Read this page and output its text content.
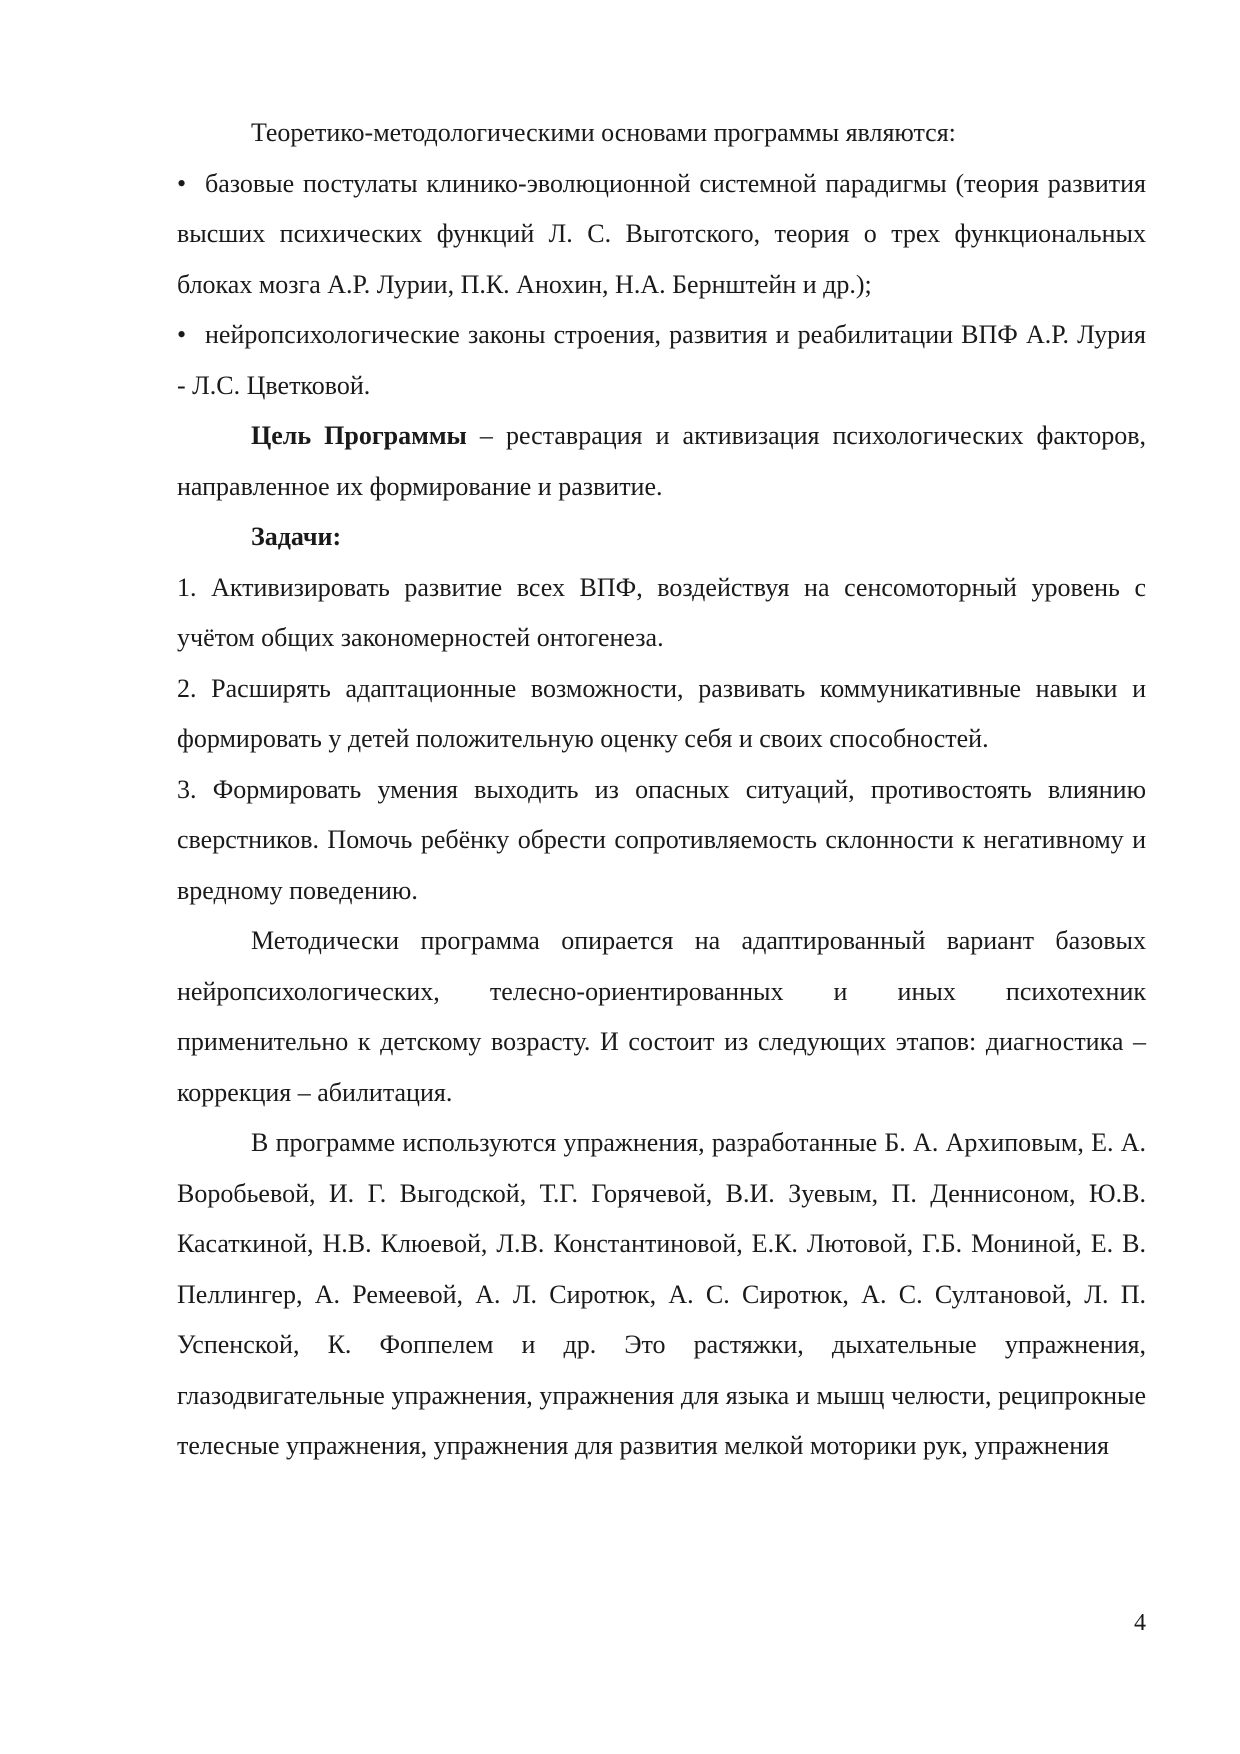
Теоретико-методологическими основами программы являются:

• базовые постулаты клинико-эволюционной системной парадигмы (теория развития высших психических функций Л. С. Выготского, теория о трех функциональных блоках мозга А.Р. Лурии, П.К. Анохин, Н.А. Бернштейн и др.);

• нейропсихологические законы строения, развития и реабилитации ВПФ А.Р. Лурия - Л.С. Цветковой.

Цель Программы – реставрация и активизация психологических факторов, направленное их формирование и развитие.

Задачи:

1. Активизировать развитие всех ВПФ, воздействуя на сенсомоторный уровень с учётом общих закономерностей онтогенеза.

2. Расширять адаптационные возможности, развивать коммуникативные навыки и формировать у детей положительную оценку себя и своих способностей.

3. Формировать умения выходить из опасных ситуаций, противостоять влиянию сверстников. Помочь ребёнку обрести сопротивляемость склонности к негативному и вредному поведению.

Методически программа опирается на адаптированный вариант базовых нейропсихологических, телесно-ориентированных и иных психотехник применительно к детскому возрасту. И состоит из следующих этапов: диагностика – коррекция – абилитация.

В программе используются упражнения, разработанные Б. А. Архиповым, Е. А. Воробьевой, И. Г. Выгодской, Т.Г. Горячевой, В.И. Зуевым, П. Деннисоном, Ю.В. Касаткиной, Н.В. Клюевой, Л.В. Константиновой, Е.К. Лютовой, Г.Б. Мониной, Е. В. Пеллингер, А. Ремеевой, А. Л. Сиротюк, А. С. Сиротюк, А. С. Султановой, Л. П. Успенской, К. Фоппелем и др. Это растяжки, дыхательные упражнения, глазодвигательные упражнения, упражнения для языка и мышц челюсти, реципрокные телесные упражнения, упражнения для развития мелкой моторики рук, упражнения

4
